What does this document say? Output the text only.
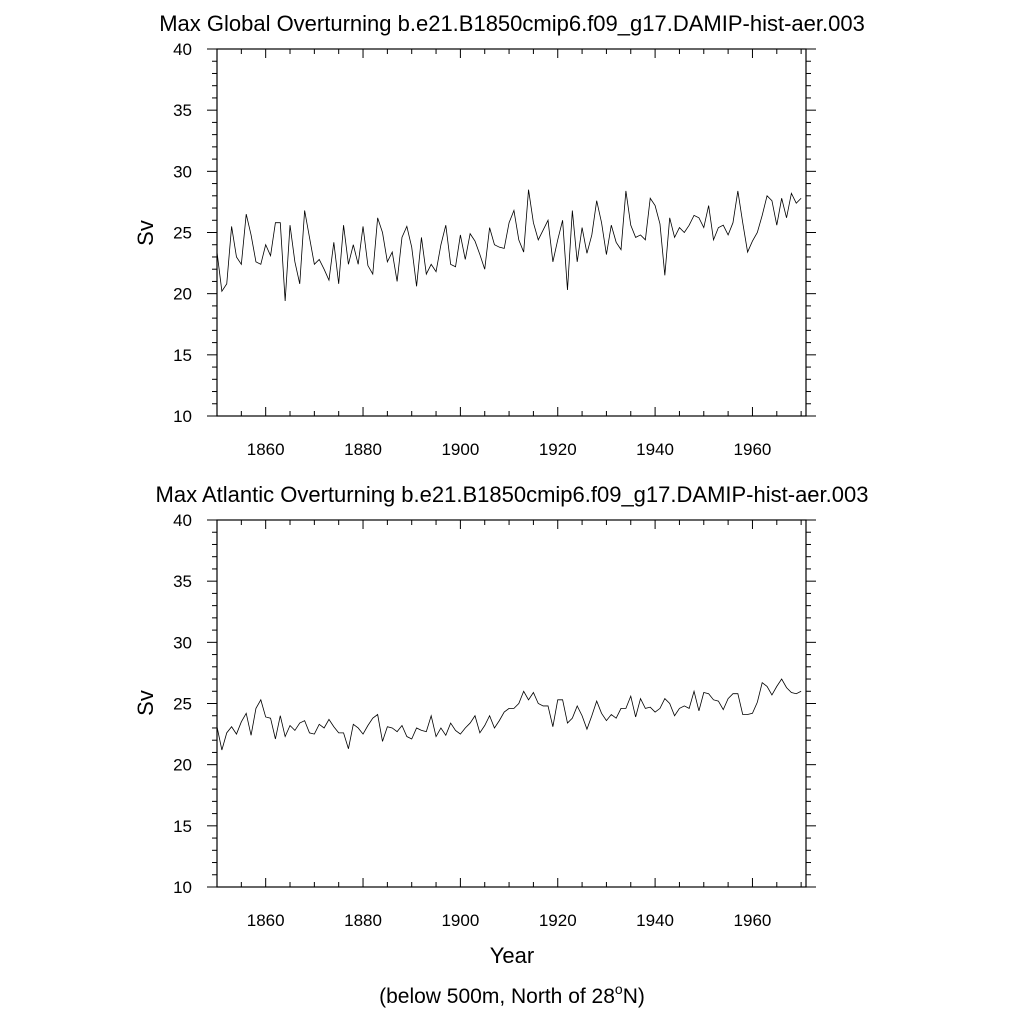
Max Global Overturning b.e21.B1850cmip6.f09_g17.DAMIP-hist-aer.003
Sv
1860	1880	1900	1920	1940	1960
10
15
20
25
30
35
40
Max Atlantic Overturning b.e21.B1850cmip6.f09_g17.DAMIP-hist-aer.003
Sv
Year
1860	1880	1900	1920	1940	1960
10
15
20
25
30
35
40
(below 500m, North of 28$^o$N)
